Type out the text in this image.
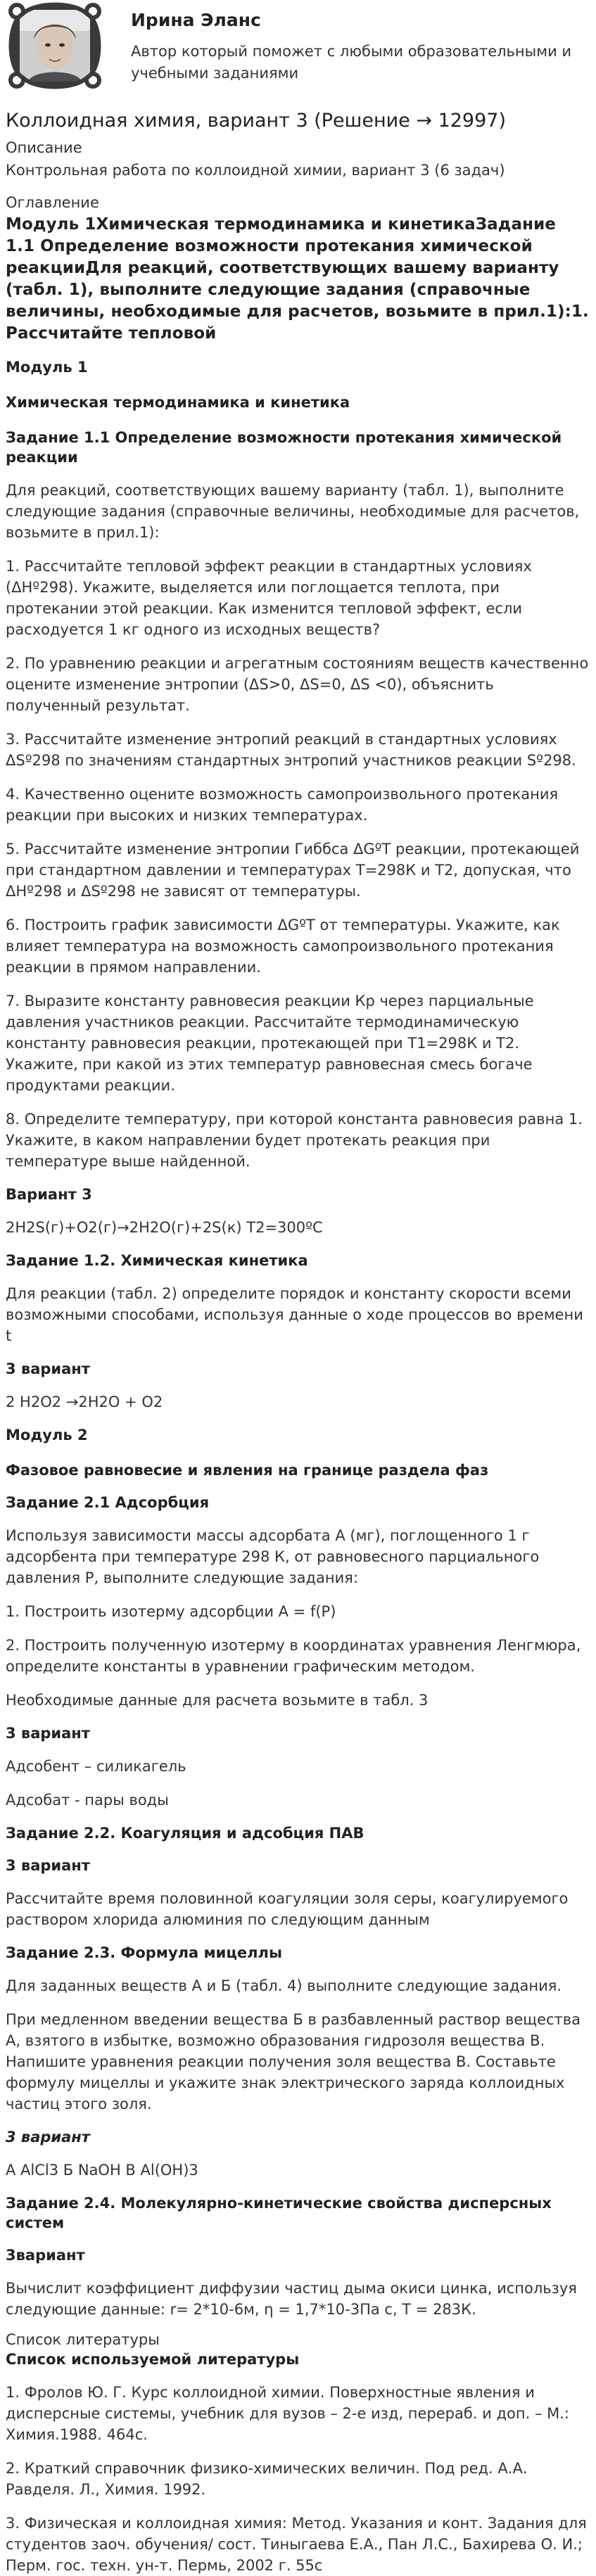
Ирина Эланс
Автор который поможет с любыми образовательными и учебными заданиями
Коллоидная химия, вариант 3 (Решение → 12997)
Описание
Контрольная работа по коллоидной химии, вариант 3 (6 задач)
Оглавление
Модуль 1Химическая термодинамика и кинетикаЗадание 1.1 Определение возможности протекания химической реакцииДля реакций, соответствующих вашему варианту (табл. 1), выполните следующие задания (справочные величины, необходимые для расчетов, возьмите в прил.1):1. Рассчитайте тепловой

Модуль 1

Химическая термодинамика и кинетика

Задание 1.1 Определение возможности протекания химической реакции

Для реакций, соответствующих вашему варианту (табл. 1), выполните следующие задания (справочные величины, необходимые для расчетов, возьмите в прил.1):

1. Рассчитайте тепловой эффект реакции в стандартных условиях (ΔНº298). Укажите, выделяется или поглощается теплота, при протекании этой реакции. Как изменится тепловой эффект, если расходуется 1 кг одного из исходных веществ?

2. По уравнению реакции и агрегатным состояниям веществ качественно оцените изменение энтропии (ΔS>0, ΔS=0, ΔS <0), объяснить полученный результат.

3. Рассчитайте изменение энтропий реакций в стандартных условиях ΔSº298 по значениям стандартных энтропий участников реакции Sº298.

4. Качественно оцените возможность самопроизвольного протекания реакции при высоких и низких температурах.

5. Рассчитайте изменение энтропии Гиббса ΔGºТ реакции, протекающей при стандартном давлении и температурах Т=298К и Т2, допуская, что ΔНº298 и ΔSº298 не зависят от температуры.

6. Построить график зависимости ΔGºТ от температуры. Укажите, как влияет температура на возможность самопроизвольного протекания реакции в прямом направлении.

7. Выразите константу равновесия реакции Кр через парциальные давления участников реакции. Рассчитайте термодинамическую константу равновесия реакции, протекающей при Т1=298К и Т2. Укажите, при какой из этих температур равновесная смесь богаче продуктами реакции.

8. Определите температуру, при которой константа равновесия равна 1. Укажите, в каком направлении будет протекать реакция при температуре выше найденной.

Вариант 3

2H2S(г)+O2(г)→2H2O(г)+2S(к) Т2=300ºС

Задание 1.2. Химическая кинетика

Для реакции (табл. 2) определите порядок и константу скорости всеми возможными способами, используя данные о ходе процессов во времени t

3 вариант

2 H2O2 →2H2O + O2

Модуль 2

Фазовое равновесие и явления на границе раздела фаз

Задание 2.1 Адсорбция

Используя зависимости массы адсорбата А (мг), поглощенного 1 г адсорбента при температуре 298 К, от равновесного парциального давления Р, выполните следующие задания:

1. Построить изотерму адсорбции А = f(P)

2. Построить полученную изотерму в координатах уравнения Ленгмюра, определите константы в уравнении графическим методом.

Необходимые данные для расчета возьмите в табл. 3

3 вариант

Адсобент – силикагель

Адсобат - пары воды

Задание 2.2. Коагуляция и адсобция ПАВ

3 вариант

Рассчитайте время половинной коагуляции золя серы, коагулируемого раствором хлорида алюминия по следующим данным

Задание 2.3. Формула мицеллы

Для заданных веществ А и Б (табл. 4) выполните следующие задания.

При медленном введении вещества Б в разбавленный раствор вещества А, взятого в избытке, возможно образования гидрозоля вещества В. Напишите уравнения реакции получения золя вещества В. Составьте формулу мицеллы и укажите знак электрического заряда коллоидных частиц этого золя.

3 вариант

А AlCl3 Б NaOH В Al(OH)3

Задание 2.4. Молекулярно-кинетические свойства дисперсных систем

3вариант

Вычислит коэффициент диффузии частиц дыма окиси цинка, используя следующие данные: r= 2*10-6м, η = 1,7*10-3Па с, Т = 283К.

Список литературы

Список используемой литературы

1. Фролов Ю. Г. Курс коллоидной химии. Поверхностные явления и дисперсные системы, учебник для вузов – 2-е изд, перераб. и доп. – М.: Химия.1988. 464с.

2. Краткий справочник физико-химических величин. Под ред. А.А. Равделя. Л., Химия. 1992.

3. Физическая и коллоидная химия: Метод. Указания и конт. Задания для студентов заоч. обучения/ сост. Тиныгаева Е.А., Пан Л.С., Бахирева О. И.; Перм. гос. техн. ун-т. Пермь, 2002 г. 55с
